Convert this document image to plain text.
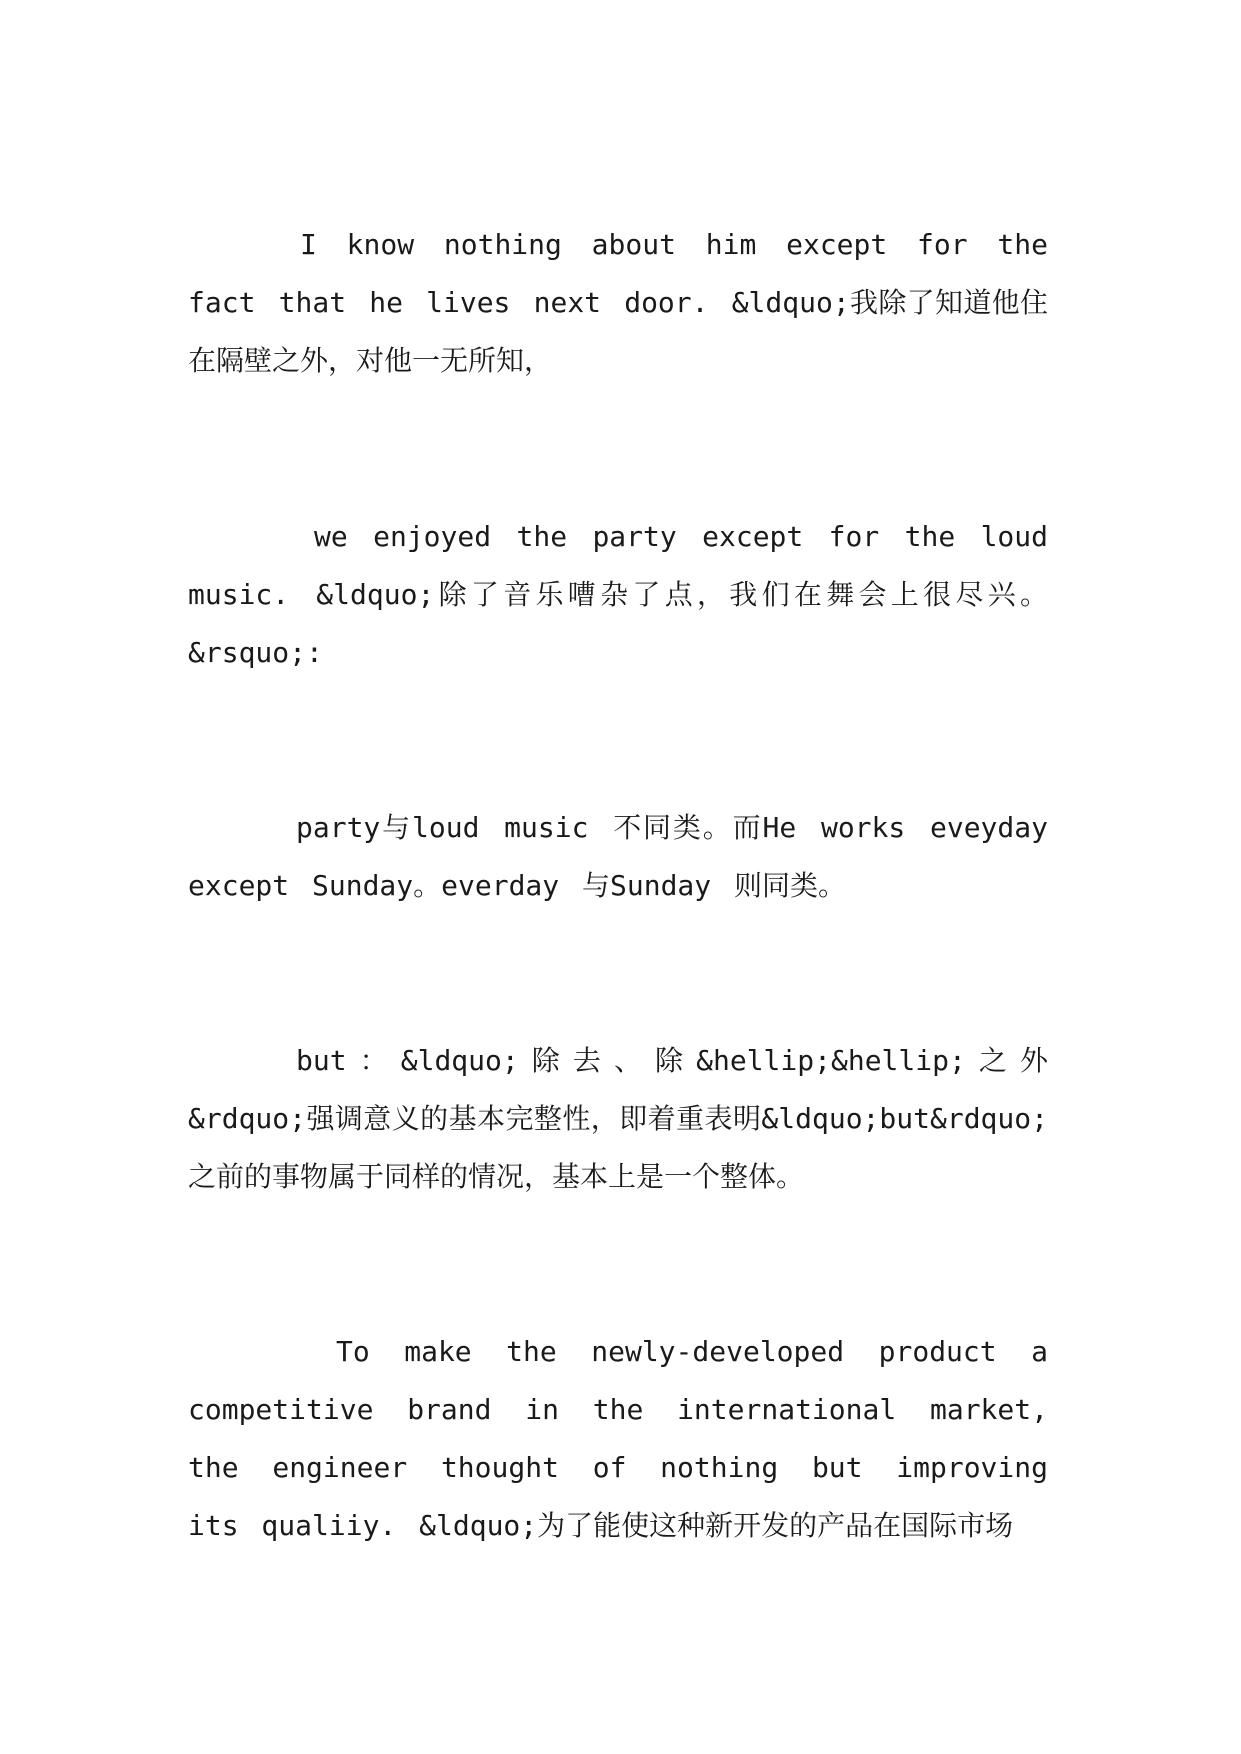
I know nothing about him except for the fact that he lives next door. &ldquo;我除了知道他住在隔壁之外，对他一无所知，

we enjoyed the party except for the loud music. &ldquo;除了音乐嘈杂了点，我们在舞会上很尽兴。&rsquo;:

party与loud music 不同类。而He works eveyday except Sunday。everday 与Sunday 则同类。

but：&ldquo;除去、除&hellip;&hellip;之外&rdquo;强调意义的基本完整性，即着重表明&ldquo;but&rdquo;之前的事物属于同样的情况，基本上是一个整体。

To make the newly-developed product a competitive brand in the international market, the engineer thought of nothing but improving its qualiiy. &ldquo;为了能使这种新开发的产品在国际市场
